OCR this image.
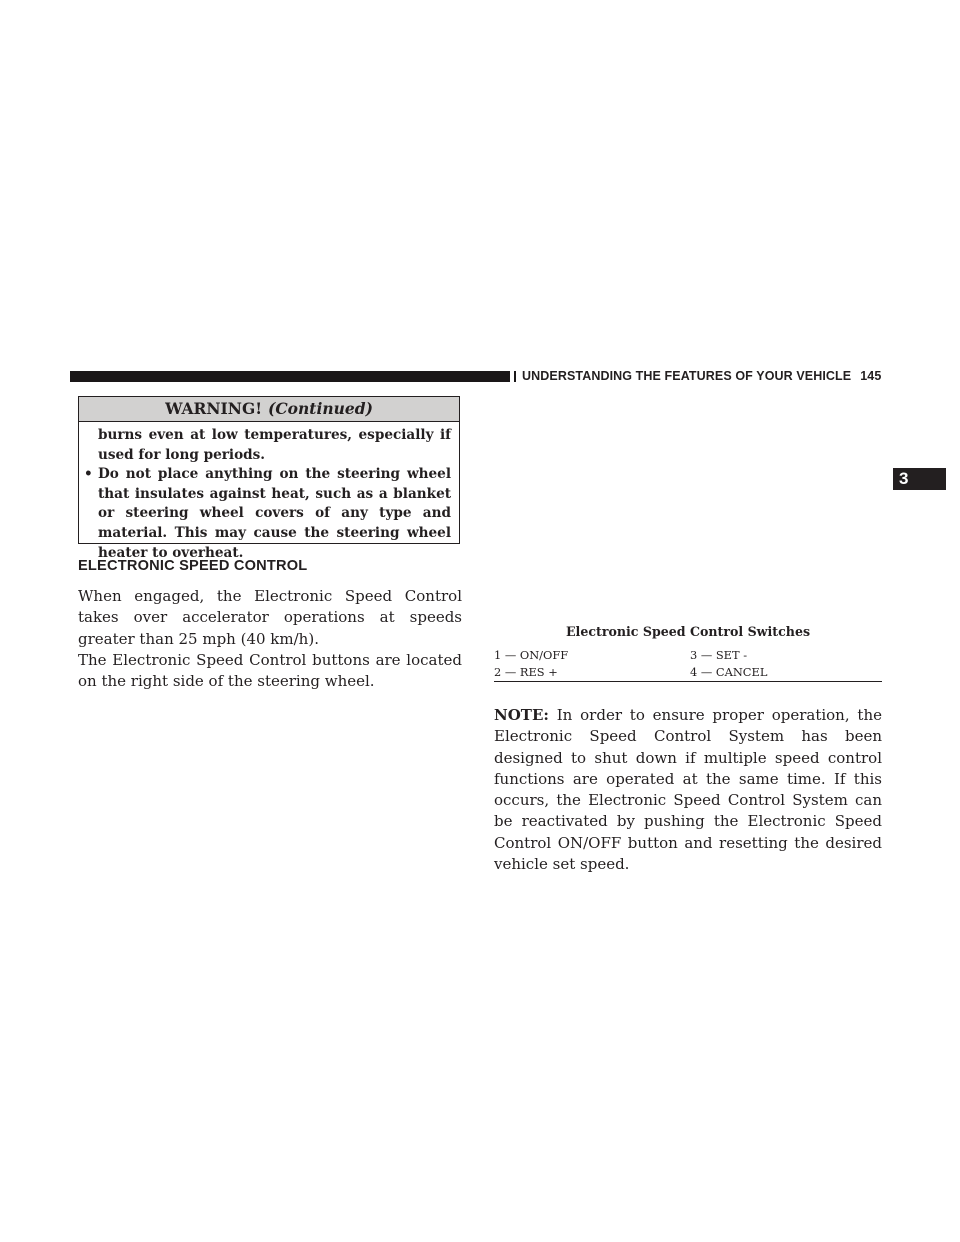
UNDERSTANDING THE FEATURES OF YOUR VEHICLE 145
3
WARNING! (Continued)

burns even at low temperatures, especially if used for long periods.

• Do not place anything on the steering wheel that insulates against heat, such as a blanket or steering wheel covers of any type and material. This may cause the steering wheel heater to overheat.
ELECTRONIC SPEED CONTROL
When engaged, the Electronic Speed Control takes over accelerator operations at speeds greater than 25 mph (40 km/h).
The Electronic Speed Control buttons are located on the right side of the steering wheel.
Electronic Speed Control Switches
1 — ON/OFF
2 — RES +
3 — SET -
4 — CANCEL
NOTE: In order to ensure proper operation, the Electronic Speed Control System has been designed to shut down if multiple speed control functions are operated at the same time. If this occurs, the Electronic Speed Control System can be reactivated by pushing the Electronic Speed Control ON/OFF button and resetting the desired vehicle set speed.
